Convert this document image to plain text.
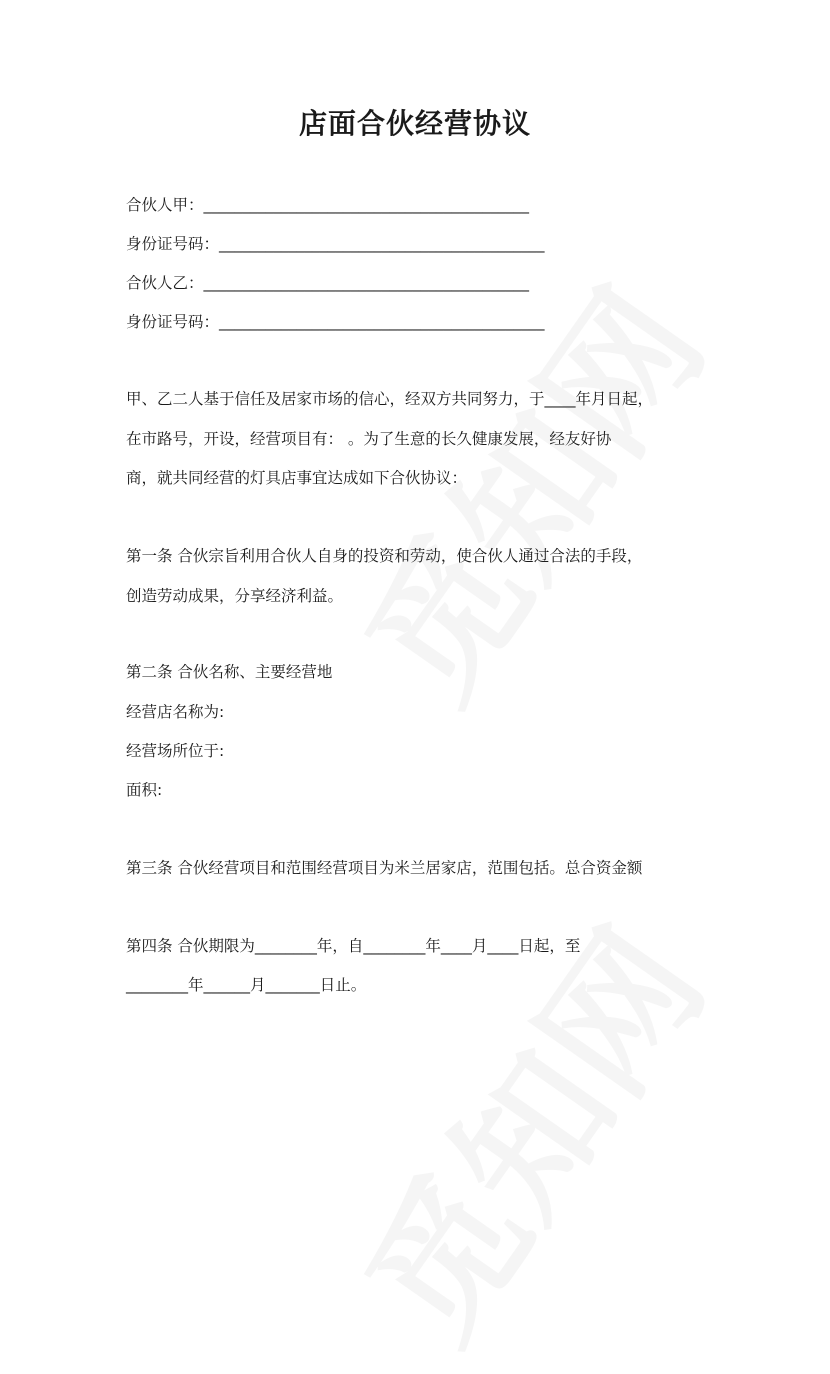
店面合伙经营协议

合伙人甲：__________________________________________

身份证号码：__________________________________________

合伙人乙：__________________________________________

身份证号码：__________________________________________

甲、乙二人基于信任及居家市场的信心，经双方共同努力，于____年月日起，

在市路号，开设，经营项目有： 。为了生意的长久健康发展，经友好协

商，就共同经营的灯具店事宜达成如下合伙协议：

第一条 合伙宗旨利用合伙人自身的投资和劳动，使合伙人通过合法的手段，

创造劳动成果，分享经济利益。

第二条 合伙名称、主要经营地

经营店名称为:

经营场所位于:

面积:

第三条 合伙经营项目和范围经营项目为米兰居家店，范围包括。总合资金额

第四条 合伙期限为________年，自________年____月____日起，至

________年______月_______日止。
